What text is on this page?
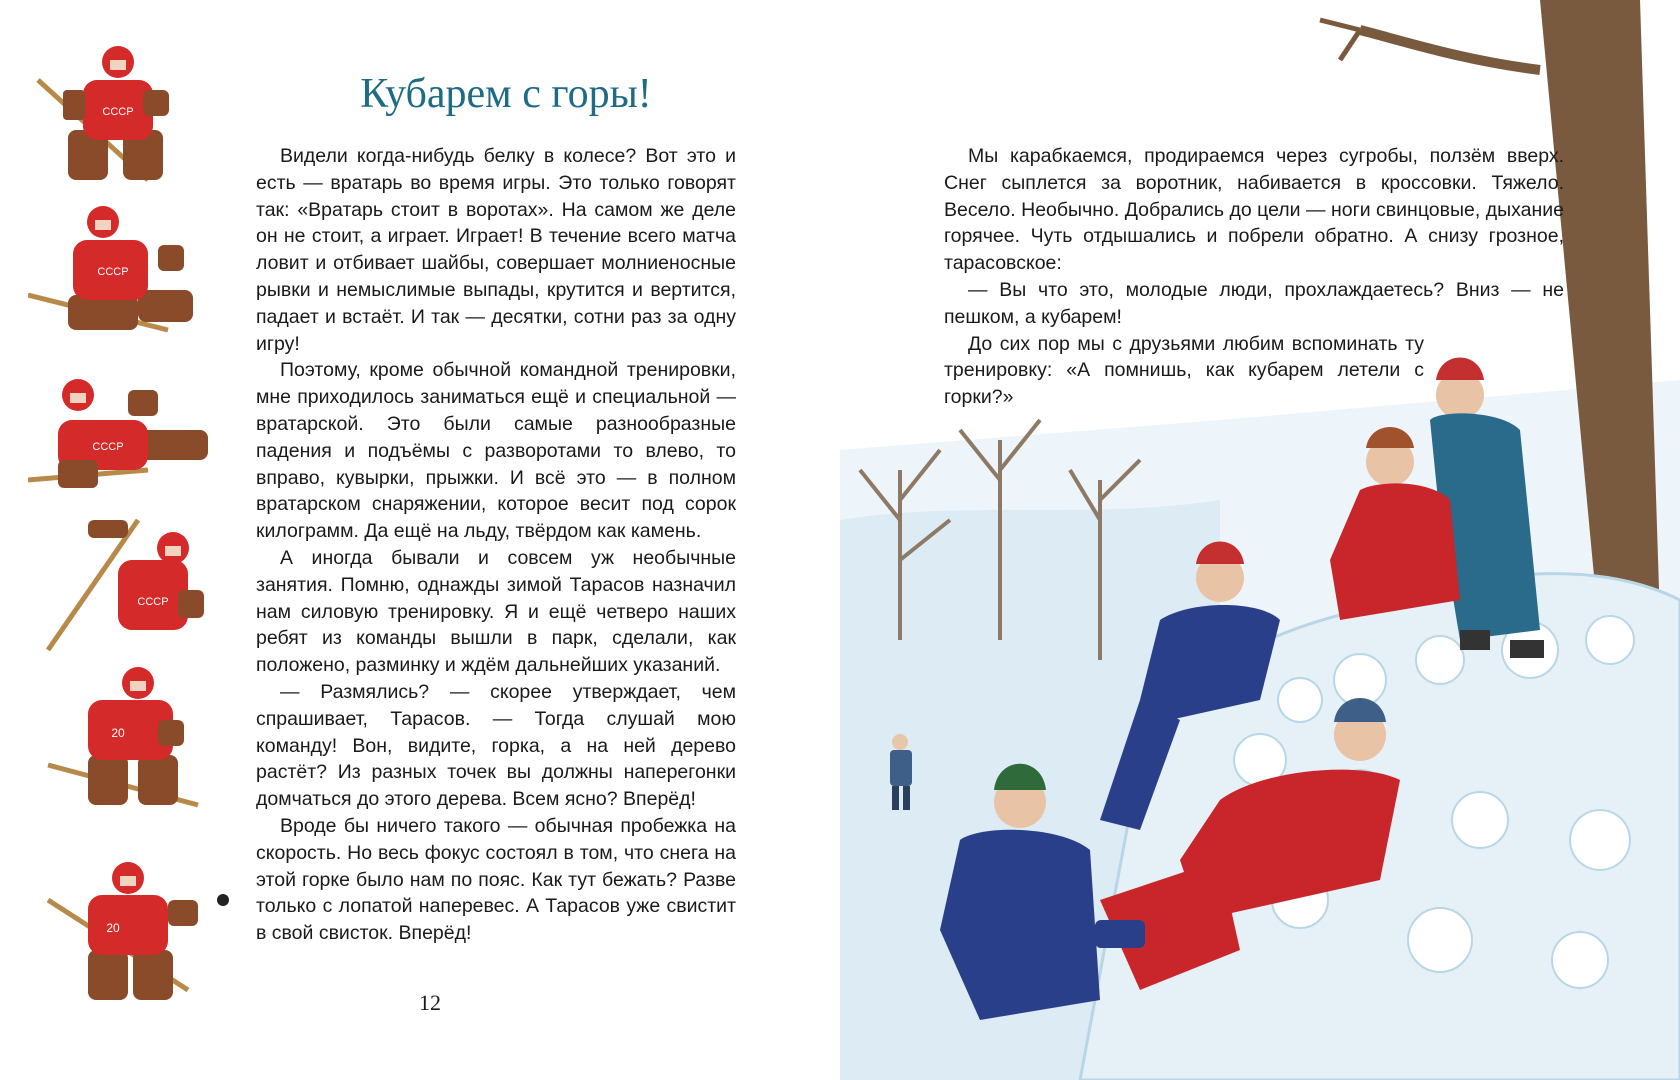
СССР
СССР
СССР
СССР
20
20
Кубарем с горы!

Видели когда-нибудь белку в колесе? Вот это и есть — вратарь во время игры. Это только говорят так: «Вратарь стоит в воротах». На самом же деле он не стоит, а играет. Играет! В течение всего матча ловит и отбивает шайбы, совершает молниеносные рывки и немыслимые выпады, крутится и вертится, падает и встаёт. И так — десятки, сотни раз за одну игру!

Поэтому, кроме обычной командной тренировки, мне приходилось заниматься ещё и специальной — вратарской. Это были самые разнообразные падения и подъёмы с разворотами то влево, то вправо, кувырки, прыжки. И всё это — в полном вратарском снаряжении, которое весит под сорок килограмм. Да ещё на льду, твёрдом как камень.

А иногда бывали и совсем уж необычные занятия. Помню, однажды зимой Тарасов назначил нам силовую тренировку. Я и ещё четверо наших ребят из команды вышли в парк, сделали, как положено, разминку и ждём дальнейших указаний.

— Размялись? — скорее утверждает, чем спрашивает, Тарасов. — Тогда слушай мою команду! Вон, видите, горка, а на ней дерево растёт? Из разных точек вы должны наперегонки домчаться до этого дерева. Всем ясно? Вперёд!

Вроде бы ничего такого — обычная пробежка на скорость. Но весь фокус состоял в том, что снега на этой горке было нам по пояс. Как тут бежать? Разве только с лопатой наперевес. А Тарасов уже свистит в свой свисток. Вперёд!

12

Мы карабкаемся, продираемся через сугробы, ползём вверх. Снег сыплется за воротник, набивается в кроссовки. Тяжело. Весело. Необычно. Добрались до цели — ноги свинцовые, дыхание горячее. Чуть отдышались и побрели обратно. А снизу грозное, тарасовское:

— Вы что это, молодые люди, прохлаждаетесь? Вниз — не пешком, а кубарем!

До сих пор мы с друзьями любим вспоминать ту тренировку: «А помнишь, как кубарем летели с горки?»
